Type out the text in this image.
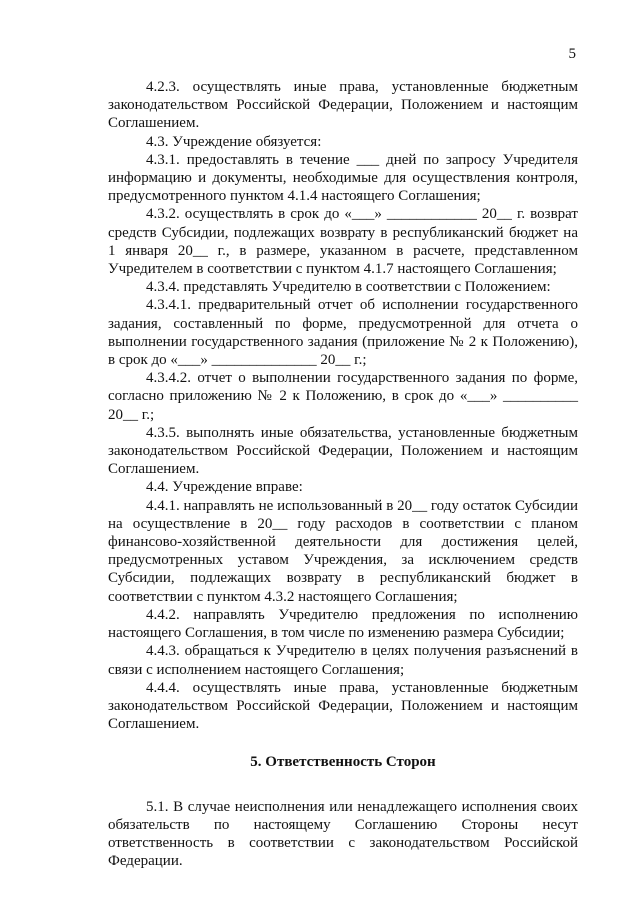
5

4.2.3. осуществлять иные права, установленные бюджетным законодательством Российской Федерации, Положением и настоящим Соглашением.

4.3. Учреждение обязуется:

4.3.1. предоставлять в течение ___ дней по запросу Учредителя информацию и документы, необходимые для осуществления контроля, предусмотренного пунктом 4.1.4 настоящего Соглашения;

4.3.2. осуществлять в срок до «___» ____________ 20__ г. возврат средств Субсидии, подлежащих возврату в республиканский бюджет на 1 января 20__ г., в размере, указанном в расчете, представленном Учредителем в соответствии с пунктом 4.1.7 настоящего Соглашения;

4.3.4. представлять Учредителю в соответствии с Положением:

4.3.4.1. предварительный отчет об исполнении государственного задания, составленный по форме, предусмотренной для отчета о выполнении государственного задания (приложение № 2 к Положению), в срок до «___» ______________ 20__ г.;

4.3.4.2. отчет о выполнении государственного задания по форме, согласно приложению № 2 к Положению, в срок до «___» __________ 20__ г.;

4.3.5. выполнять иные обязательства, установленные бюджетным законодательством Российской Федерации, Положением и настоящим Соглашением.

4.4. Учреждение вправе:

4.4.1. направлять не использованный в 20__ году остаток Субсидии на осуществление в 20__ году расходов в соответствии с планом финансово-хозяйственной деятельности для достижения целей, предусмотренных уставом Учреждения, за исключением средств Субсидии, подлежащих возврату в республиканский бюджет в соответствии с пунктом 4.3.2 настоящего Соглашения;

4.4.2. направлять Учредителю предложения по исполнению настоящего Соглашения, в том числе по изменению размера Субсидии;

4.4.3. обращаться к Учредителю в целях получения разъяснений в связи с исполнением настоящего Соглашения;

4.4.4. осуществлять иные права, установленные бюджетным законодательством Российской Федерации, Положением и настоящим Соглашением.

5. Ответственность Сторон

5.1. В случае неисполнения или ненадлежащего исполнения своих обязательств по настоящему Соглашению Стороны несут ответственность в соответствии с законодательством Российской Федерации.
